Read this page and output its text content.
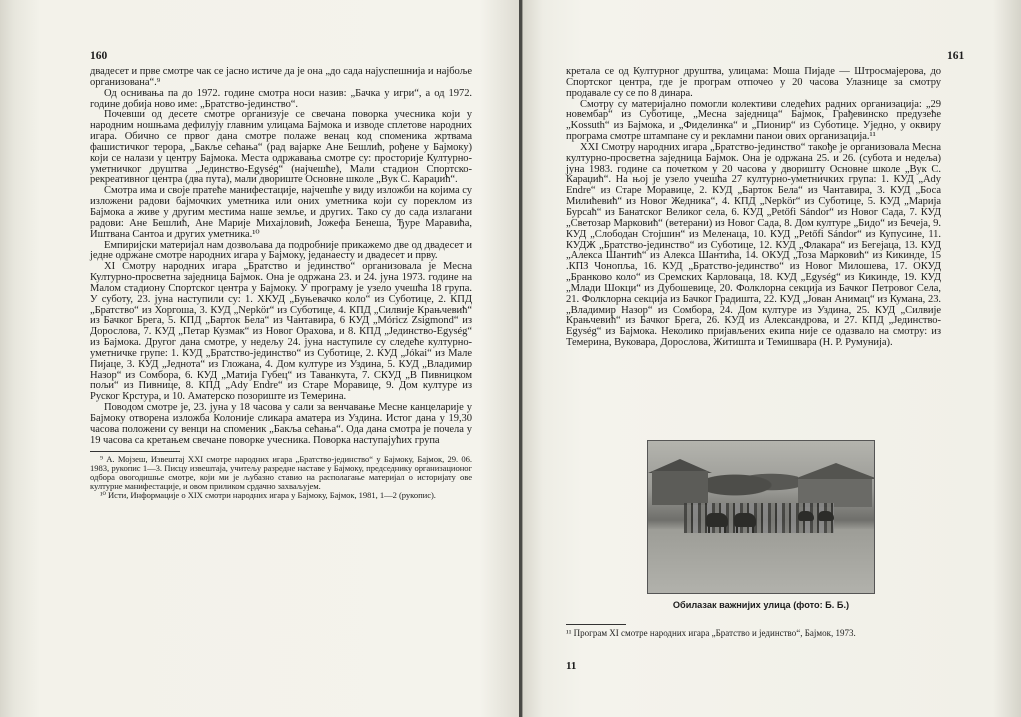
160

двадесет и прве смотре чак се јасно истиче да је она „до сада најуспешнија и најбоље организована“.⁹

Од оснивања па до 1972. године смотра носи назив: „Бачка у игри“, а од 1972. године добија ново име: „Братство-јединство“.

Почевши од десете смотре организује се свечана поворка учесника који у народним ношњама дефилују главним улицама Бајмока и изводе сплетове народних игара. Обично се првог дана смотре полаже венац код споменика жртвама фашистичког терора, „Бакље сећања“ (рад вајарке Ане Бешлић, рођене у Бајмоку) који се налази у центру Бајмока. Места одржавања смотре су: просторије Културно-уметничког друштва „Јединство-Egység“ (најчешће), Мали стадион Спортско-рекреативног центра (два пута), мали двориште Основне школе „Вук С. Караџић“.

Смотра има и своје пратеће манифестације, најчешће у виду изложби на којима су изложени радови бајмочких уметника или оних уметника који су пореклом из Бајмока а живе у другим местима наше земље, и других. Тако су до сада излагани радови: Ане Бешлић, Ане Марије Михајловић, Јожефа Бенеша, Ђуре Маравића, Иштвана Сантоа и других уметника.¹⁰

Емпиријски материјал нам дозвољава да подробније прикажемо две од двадесет и једне одржане смотре народних игара у Бајмоку, једанаесту и двадесет и прву.

XI Смотру народних игара „Братство и јединство“ организовала је Месна Културно-просветна заједница Бајмок. Она је одржана 23. и 24. јуна 1973. године на Малом стадиону Спортског центра у Бајмоку. У програму је узело учешћа 18 група. У суботу, 23. јуна наступили су: 1. ХКУД „Буњевачко коло“ из Суботице, 2. КПД „Братство“ из Хоргоша, 3. КУД „Nepkör“ из Суботице, 4. КПД „Силвије Крањчевић“ из Бачког Брега, 5. КПД „Барток Бела“ из Чантавира, 6 КУД „Móricz Zsigmond“ из Дорослова, 7. КУД „Петар Кузмак“ из Новог Орахова, и 8. КПД „Јединство-Egység“ из Бајмока. Другог дана смотре, у недељу 24. јуна наступиле су следеће културно-уметничке групе: 1. КУД „Братство-јединство“ из Суботице, 2. КУД „Jókai“ из Мале Пијаце, 3. КУД „Једнота“ из Гложана, 4. Дом културе из Уздина, 5. КУД „Владимир Назор“ из Сомбора, 6. КУД „Матија Губец“ из Таванкута, 7. СКУД „В Пивницком пољи“ из Пивнице, 8. КПД „Ady Endre“ из Старе Моравице, 9. Дом културе из Руског Крстура, и 10. Аматерско позориште из Темерина.

Поводом смотре је, 23. јуна у 18 часова у сали за венчавање Месне канцеларије у Бајмоку отворена изложба Колоније сликара аматера из Уздина. Истог дана у 19,30 часова положени су венци на споменик „Бакља сећања“. Ода дана смотра је почела у 19 часова са кретањем свечане поворке учесника. Поворка наступајућих група

⁹ А. Мојзеш, Извештај XXI смотре народних игара „Братство-јединство“ у Бајмоку, Бајмок, 29. 06. 1983, рукопис 1—3. Писцу извештаја, учитељу разредне наставе у Бајмоку, председнику организационог одбора овогодишње смотре, који ми је љубазно ставио на располагање материјал о историјату ове културне манифестације, и овом приликом срдачно захваљујем.

¹⁰ Исти, Информације о XIX смотри народних игара у Бајмоку, Бајмок, 1981, 1—2 (рукопис).

161

кретала се од Културног друштва, улицама: Моша Пијаде — Штросмајерова, до Спортског центра, где је програм отпочео у 20 часова Улазнице за смотру продавале су се по 8 динара.

Смотру су материјално помогли колективи следећих радних организација: „29 новембар“ из Суботице, „Месна заједница“ Бајмок, Грађевинско предузеће „Kossuth“ из Бајмока, и „Фиделинка“ и „Пионир“ из Суботице. Уједно, у оквиру програма смотре штампане су и рекламни панои ових организација.¹¹

XXI Смотру народних игара „Братство-јединство“ такође је организовала Месна културно-просветна заједница Бајмок. Она је одржана 25. и 26. (субота и недеља) јуна 1983. године са почетком у 20 часова у дворишту Основне школе „Вук С. Караџић“. На њој је узело учешћа 27 културно-уметничких група: 1. КУД „Ady Endre“ из Старе Моравице, 2. КУД „Барток Бела“ из Чантавира, 3. КУД „Боса Милићевић“ из Новог Жедника“, 4. КПД „Nepkör“ из Суботице, 5. КУД „Марија Бурсаћ“ из Банатског Великог села, 6. КУД „Petőfi Sándor“ из Новог Сада, 7. КУД „Светозар Марковић“ (ветерани) из Новог Сада, 8. Дом културе „Бидо“ из Бечеја, 9. КУД „Слободан Стојшин“ из Меленаца, 10. КУД „Petőfi Sándor“ из Купусине, 11. КУДЖ „Братство-јединство“ из Суботице, 12. КУД „Флакара“ из Бегејаца, 13. КУД „Алекса Шантић“ из Алекса Шантића, 14. ОКУД „Тоза Марковић“ из Кикинде, 15 .КПЗ Чонопља, 16. КУД „Братство-јединство“ из Новог Милошева, 17. ОКУД „Бранково коло“ из Сремских Карловаца, 18. КУД „Egység“ из Кикинде, 19. КУД „Млади Шокци“ из Дубошевице, 20. Фолклорна секција из Бачког Петровог Села, 21. Фолклорна секција из Бачког Градишта, 22. КУД „Јован Анимац“ из Кумана, 23. „Владимир Назор“ из Сомбора, 24. Дом културе из Уздина, 25. КУД „Силвије Крањчевић“ из Бачког Брега, 26. КУД из Александрова, и 27. КПД „Јединство-Egység“ из Бајмока. Неколико пријављених екипа није се одазвало на смотру: из Темерина, Вуковара, Дорослова, Житишта и Темишвара (Н. Р. Румунија).

Обилазак важнијих улица (фото: Б. Б.)
¹¹ Програм XI смотре народних игара „Братство и јединство“, Бајмок, 1973.
11
